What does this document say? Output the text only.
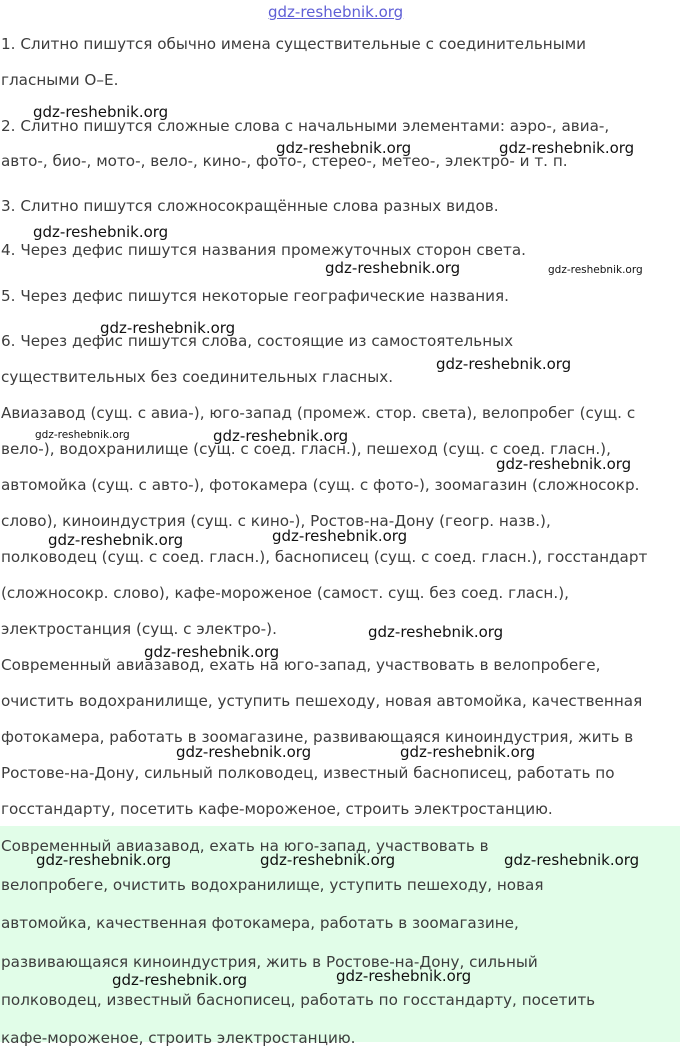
gdz-reshebnik.org
1. Слитно пишутся обычно имена существительные с соединительными
гласными О–Е.
2. Слитно пишутся сложные слова с начальными элементами: аэро-, авиа-,
авто-, био-, мото-, вело-, кино-, фото-, стерео-, метео-, электро- и т. п.
3. Слитно пишутся сложносокращённые слова разных видов.
4. Через дефис пишутся названия промежуточных сторон света.
5. Через дефис пишутся некоторые географические названия.
6. Через дефис пишутся слова, состоящие из самостоятельных
существительных без соединительных гласных.
Авиазавод (сущ. с авиа-), юго-запад (промеж. стор. света), велопробег (сущ. с
вело-), водохранилище (сущ. с соед. гласн.), пешеход (сущ. с соед. гласн.),
автомойка (сущ. с авто-), фотокамера (сущ. с фото-), зоомагазин (сложносокр.
слово), киноиндустрия (сущ. с кино-), Ростов-на-Дону (геогр. назв.),
полководец (сущ. с соед. гласн.), баснописец (сущ. с соед. гласн.), госстандарт
(сложносокр. слово), кафе-мороженое (самост. сущ. без соед. гласн.),
электростанция (сущ. с электро-).
Современный авиазавод, ехать на юго-запад, участвовать в велопробеге,
очистить водохранилище, уступить пешеходу, новая автомойка, качественная
фотокамера, работать в зоомагазине, развивающаяся киноиндустрия, жить в
Ростове-на-Дону, сильный полководец, известный баснописец, работать по
госстандарту, посетить кафе-мороженое, строить электростанцию.
Современный авиазавод, ехать на юго-запад, участвовать в
велопробеге, очистить водохранилище, уступить пешеходу, новая
автомойка, качественная фотокамера, работать в зоомагазине,
развивающаяся киноиндустрия, жить в Ростове-на-Дону, сильный
полководец, известный баснописец, работать по госстандарту, посетить
кафе-мороженое, строить электростанцию.
gdz-reshebnik.org
gdz-reshebnik.org	gdz-reshebnik.org
gdz-reshebnik.org
gdz-reshebnik.org	gdz-reshebnik.org
gdz-reshebnik.org
gdz-reshebnik.org
gdz-reshebnik.org	gdz-reshebnik.org
gdz-reshebnik.org
gdz-reshebnik.org	gdz-reshebnik.org
gdz-reshebnik.org
gdz-reshebnik.org
gdz-reshebnik.org	gdz-reshebnik.org
gdz-reshebnik.org	gdz-reshebnik.org	gdz-reshebnik.org
gdz-reshebnik.org	gdz-reshebnik.org
